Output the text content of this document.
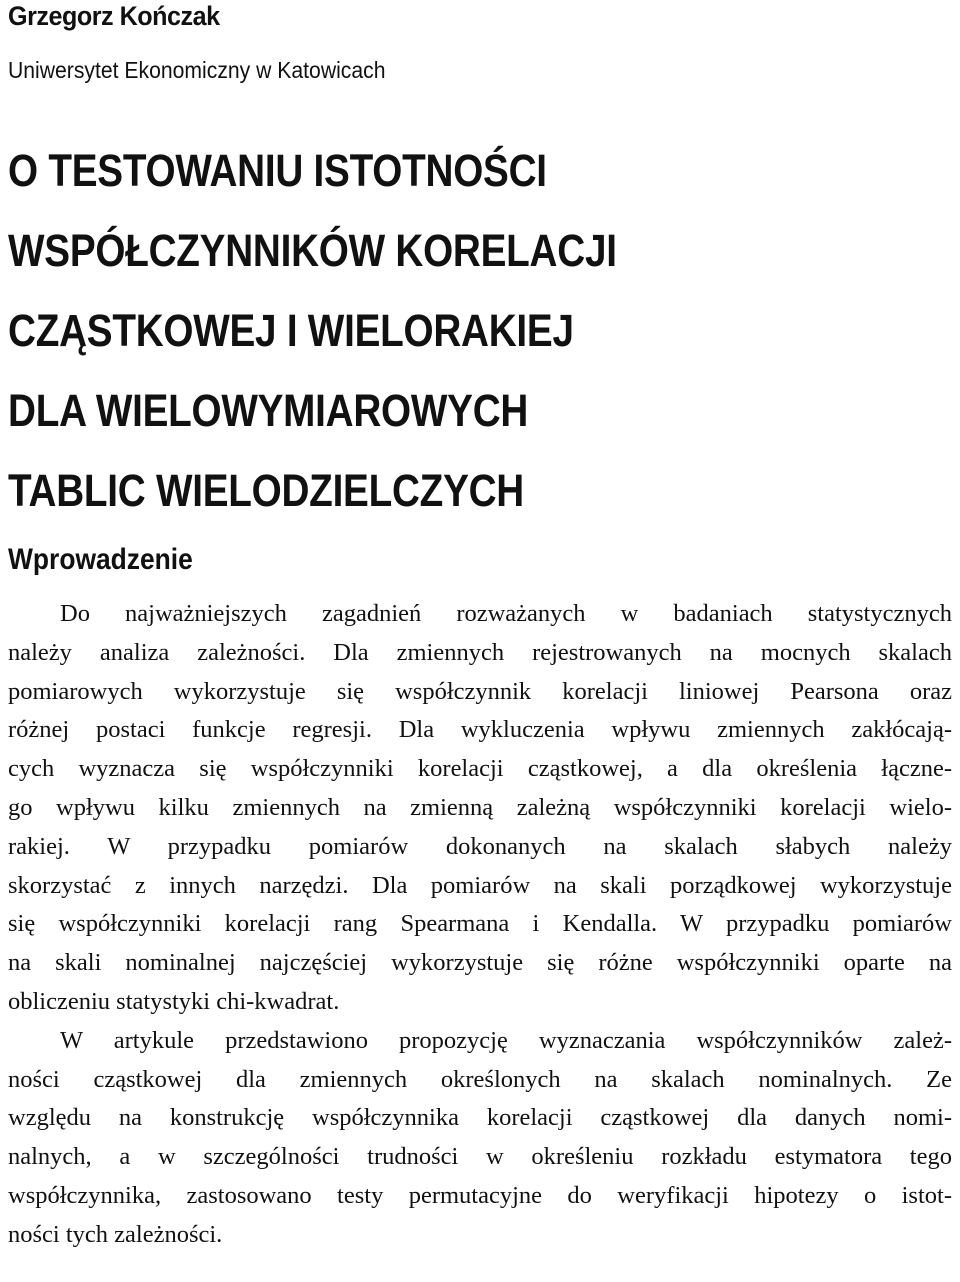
Grzegorz Kończak
Uniwersytet Ekonomiczny w Katowicach
O TESTOWANIU ISTOTNOŚCI
WSPÓŁCZYNNIKÓW KORELACJI
CZĄSTKOWEJ I WIELORAKIEJ
DLA WIELOWYMIAROWYCH
TABLIC WIELODZIELCZYCH
Wprowadzenie

Do najważniejszych zagadnień rozważanych w badaniach statystycznych
należy analiza zależności. Dla zmiennych rejestrowanych na mocnych skalach
pomiarowych wykorzystuje się współczynnik korelacji liniowej Pearsona oraz
różnej postaci funkcje regresji. Dla wykluczenia wpływu zmiennych zakłócają-
cych wyznacza się współczynniki korelacji cząstkowej, a dla określenia łączne-
go wpływu kilku zmiennych na zmienną zależną współczynniki korelacji wielo-
rakiej. W przypadku pomiarów dokonanych na skalach słabych należy
skorzystać z innych narzędzi. Dla pomiarów na skali porządkowej wykorzystuje
się współczynniki korelacji rang Spearmana i Kendalla. W przypadku pomiarów
na skali nominalnej najczęściej wykorzystuje się różne współczynniki oparte na
obliczeniu statystyki chi-kwadrat.

W artykule przedstawiono propozycję wyznaczania współczynników zależ-
ności cząstkowej dla zmiennych określonych na skalach nominalnych. Ze
względu na konstrukcję współczynnika korelacji cząstkowej dla danych nomi-
nalnych, a w szczególności trudności w określeniu rozkładu estymatora tego
współczynnika, zastosowano testy permutacyjne do weryfikacji hipotezy o istot-
ności tych zależności.
